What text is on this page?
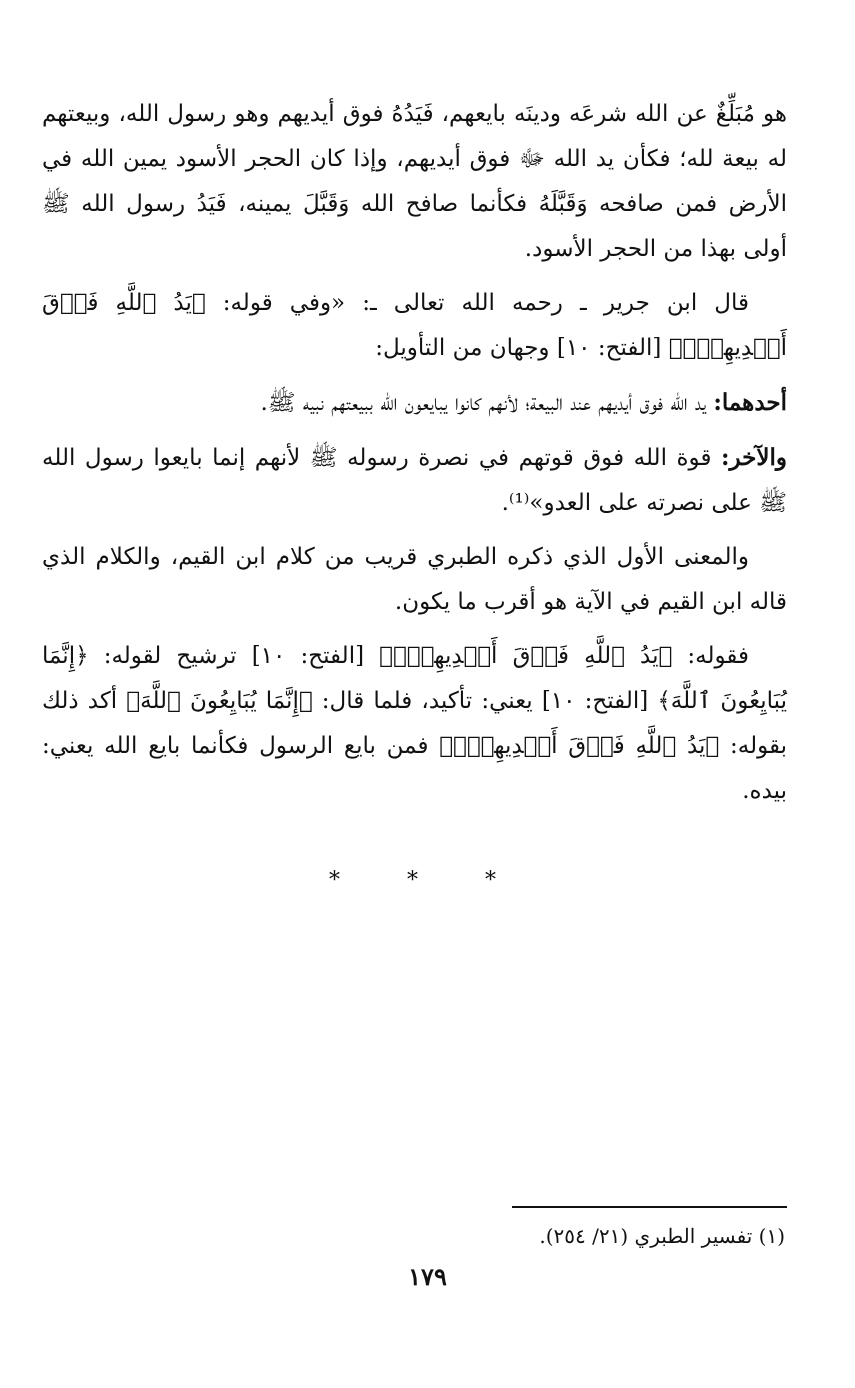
هو مُبَلِّغٌ عن الله شرعَه ودينَه بايعهم، فَيَدُهُ فوق أيديهم وهو رسول الله، وبيعتهم له بيعة لله؛ فكأن يد الله ﷻ فوق أيديهم، وإذا كان الحجر الأسود يمين الله في الأرض فمن صافحه وَقَبَّلَهُ فكأنما صافح الله وَقَبَّلَ يمينه، فَيَدُ رسول الله ﷺ أولى بهذا من الحجر الأسود.

قال ابن جرير ـ رحمه الله تعالى ـ: «وفي قوله: ﴿يَدُ ٱللَّهِ فَوۡقَ أَيۡدِيهِمۡۚ﴾ [الفتح: ١٠] وجهان من التأويل:

أحدهما: يد الله فوق أيديهم عند البيعة؛ لأنهم كانوا يبايعون الله ببيعتهم نبيه ﷺ.

والآخر: قوة الله فوق قوتهم في نصرة رسوله ﷺ لأنهم إنما بايعوا رسول الله ﷺ على نصرته على العدو»⁽¹⁾.

والمعنى الأول الذي ذكره الطبري قريب من كلام ابن القيم، والكلام الذي قاله ابن القيم في الآية هو أقرب ما يكون.

فقوله: ﴿يَدُ ٱللَّهِ فَوۡقَ أَيۡدِيهِمۡۚ﴾ [الفتح: ١٠] ترشيح لقوله: ﴿إِنَّمَا يُبَايِعُونَ ٱللَّهَ﴾ [الفتح: ١٠] يعني: تأكيد، فلما قال: ﴿إِنَّمَا يُبَايِعُونَ ٱللَّهَ﴾ أكد ذلك بقوله: ﴿يَدُ ٱللَّهِ فَوۡقَ أَيۡدِيهِمۡۚ﴾ فمن بايع الرسول فكأنما بايع الله يعني: بيده.

* * *
(١) تفسير الطبري (٢١/ ٢٥٤).
١٧٩
